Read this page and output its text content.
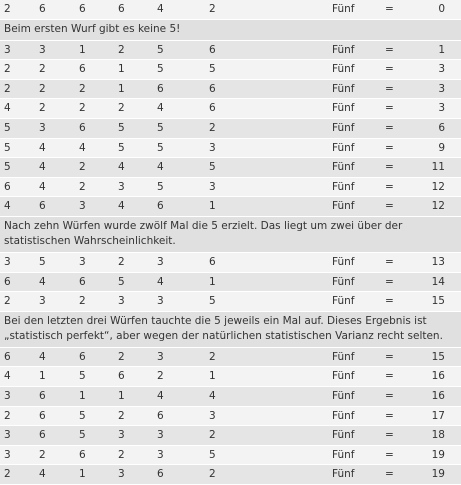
2	6	6	6	4	2	Fünf	=	0
Beim ersten Wurf gibt es keine 5!
3	3	1	2	5	6	Fünf	=	1
2	2	6	1	5	5	Fünf	=	3
2	2	2	1	6	6	Fünf	=	3
4	2	2	2	4	6	Fünf	=	3
5	3	6	5	5	2	Fünf	=	6
5	4	4	5	5	3	Fünf	=	9
5	4	2	4	4	5	Fünf	=	11
6	4	2	3	5	3	Fünf	=	12
4	6	3	4	6	1	Fünf	=	12
Nach zehn Würfen wurde zwölf Mal die 5 erzielt. Das liegt um zwei über der statistischen Wahrscheinlichkeit.
3	5	3	2	3	6	Fünf	=	13
6	4	6	5	4	1	Fünf	=	14
2	3	2	3	3	5	Fünf	=	15
Bei den letzten drei Würfen tauchte die 5 jeweils ein Mal auf. Dieses Ergebnis ist „statistisch perfekt“, aber wegen der natürlichen statistischen Varianz recht selten.
6	4	6	2	3	2	Fünf	=	15
4	1	5	6	2	1	Fünf	=	16
3	6	1	1	4	4	Fünf	=	16
2	6	5	2	6	3	Fünf	=	17
3	6	5	3	3	2	Fünf	=	18
3	2	6	2	3	5	Fünf	=	19
2	4	1	3	6	2	Fünf	=	19
